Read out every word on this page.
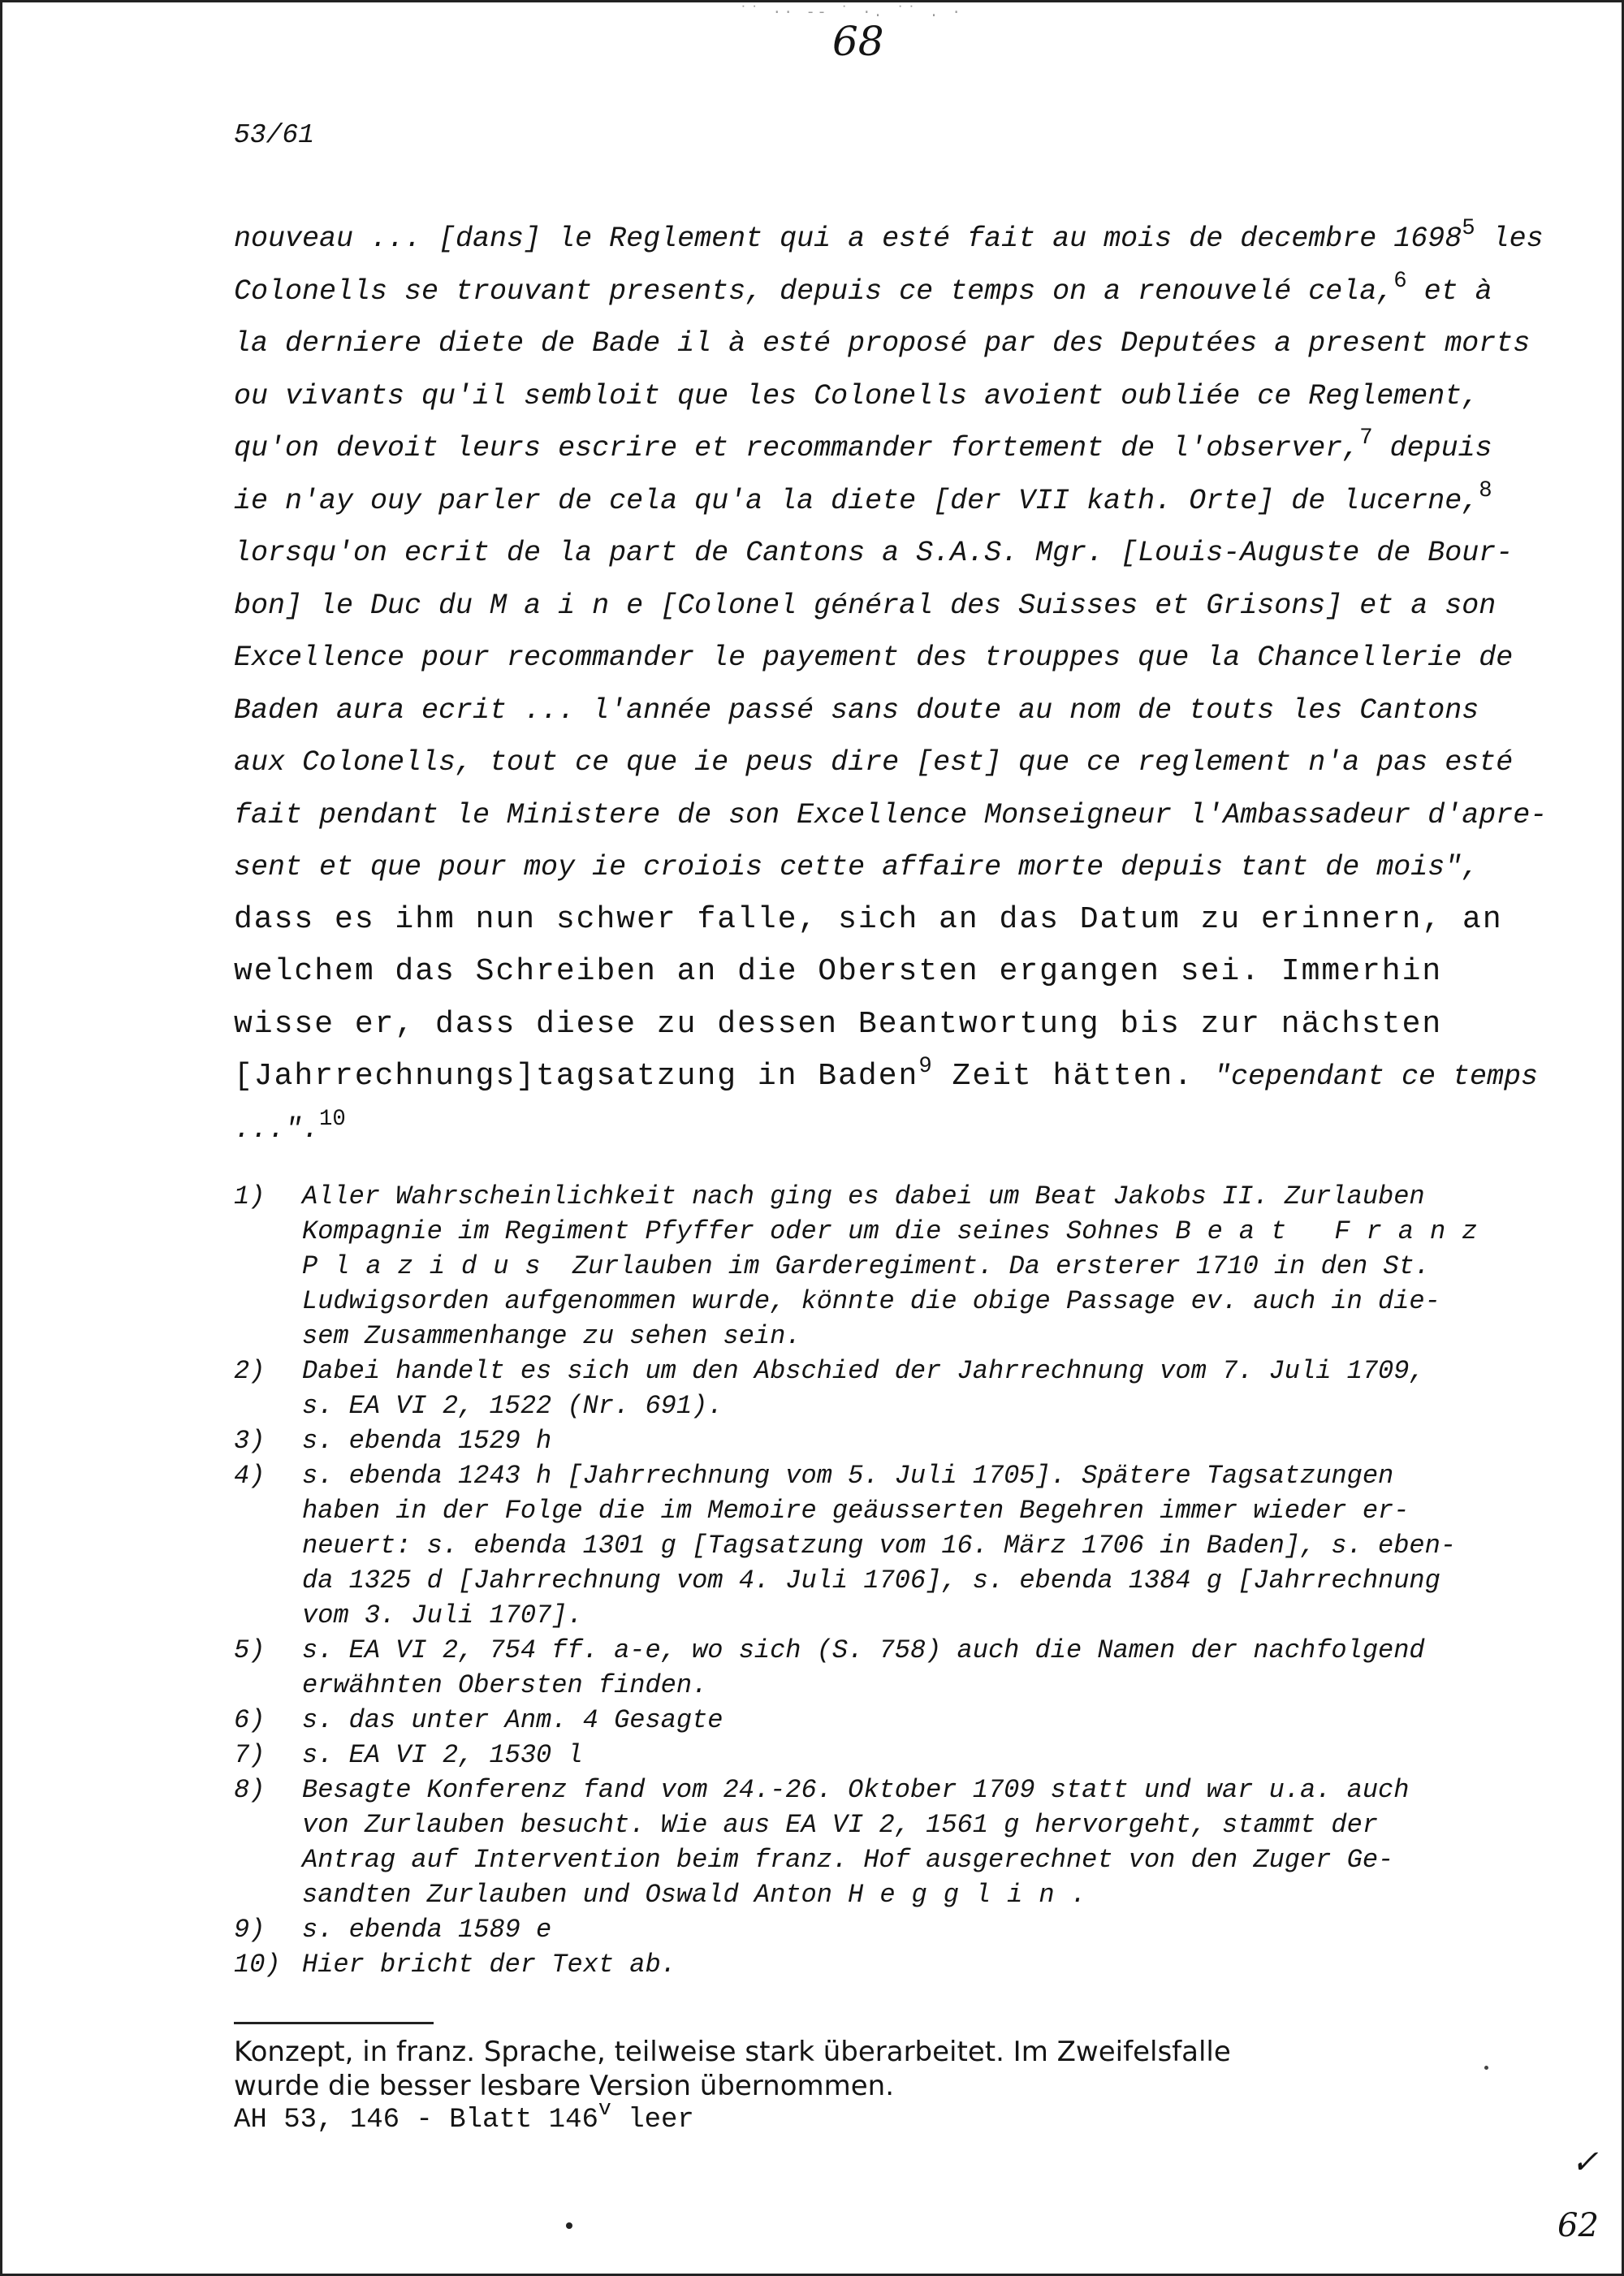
˙˙ ·· ‐‐ ˙ ·. ˙˙ . ·
68
53/61
nouveau ... [dans] le Reglement qui a esté fait au mois de decembre 1698$^5$ les
Colonells se trouvant presents, depuis ce temps on a renouvelé cela,$^6$ et à
la derniere diete de Bade il à esté proposé par des Deputées a present morts
ou vivants qu'il sembloit que les Colonells avoient oubliée ce Reglement,
qu'on devoit leurs escrire et recommander fortement de l'observer,$^7$ depuis
ie n'ay ouy parler de cela qu'a la diete [der VII kath. Orte] de lucerne,$^8$
lorsqu'on ecrit de la part de Cantons a S.A.S. Mgr. [Louis-Auguste de Bour-
bon] le Duc du M a i n e [Colonel général des Suisses et Grisons] et a son
Excellence pour recommander le payement des trouppes que la Chancellerie de
Baden aura ecrit ... l'année passé sans doute au nom de touts les Cantons
aux Colonells, tout ce que ie peus dire [est] que ce reglement n'a pas esté
fait pendant le Ministere de son Excellence Monseigneur l'Ambassadeur d'apre-
sent et que pour moy ie croiois cette affaire morte depuis tant de mois",
dass es ihm nun schwer falle, sich an das Datum zu erinnern, an
welchem das Schreiben an die Obersten ergangen sei. Immerhin
wisse er, dass diese zu dessen Beantwortung bis zur nächsten
[Jahrrechnungs]tagsatzung in Baden$^9$ Zeit hätten. "cependant ce temps
...".$^{10}$
1) Aller Wahrscheinlichkeit nach ging es dabei um Beat Jakobs II. Zurlauben
Kompagnie im Regiment Pfyffer oder um die seines Sohnes Beat Franz
Plazidus Zurlauben im Garderegiment. Da ersterer 1710 in den St.
Ludwigsorden aufgenommen wurde, könnte die obige Passage ev. auch in die-
sem Zusammenhange zu sehen sein.
2) Dabei handelt es sich um den Abschied der Jahrrechnung vom 7. Juli 1709,
s. EA VI 2, 1522 (Nr. 691).
3) s. ebenda 1529 h
4) s. ebenda 1243 h [Jahrrechnung vom 5. Juli 1705]. Spätere Tagsatzungen
haben in der Folge die im Memoire geäusserten Begehren immer wieder er-
neuert: s. ebenda 1301 g [Tagsatzung vom 16. März 1706 in Baden], s. eben-
da 1325 d [Jahrrechnung vom 4. Juli 1706], s. ebenda 1384 g [Jahrrechnung
vom 3. Juli 1707].
5) s. EA VI 2, 754 ff. a-e, wo sich (S. 758) auch die Namen der nachfolgend
erwähnten Obersten finden.
6) s. das unter Anm. 4 Gesagte
7) s. EA VI 2, 1530 l
8) Besagte Konferenz fand vom 24.-26. Oktober 1709 statt und war u.a. auch
von Zurlauben besucht. Wie aus EA VI 2, 1561 g hervorgeht, stammt der
Antrag auf Intervention beim franz. Hof ausgerechnet von den Zuger Ge-
sandten Zurlauben und Oswald Anton Hegglin.
9) s. ebenda 1589 e
10) Hier bricht der Text ab.
Konzept, in franz. Sprache, teilweise stark überarbeitet. Im Zweifelsfalle
wurde die besser lesbare Version übernommen.
AH 53, 146 - Blatt 146$^v$ leer
✓
62
